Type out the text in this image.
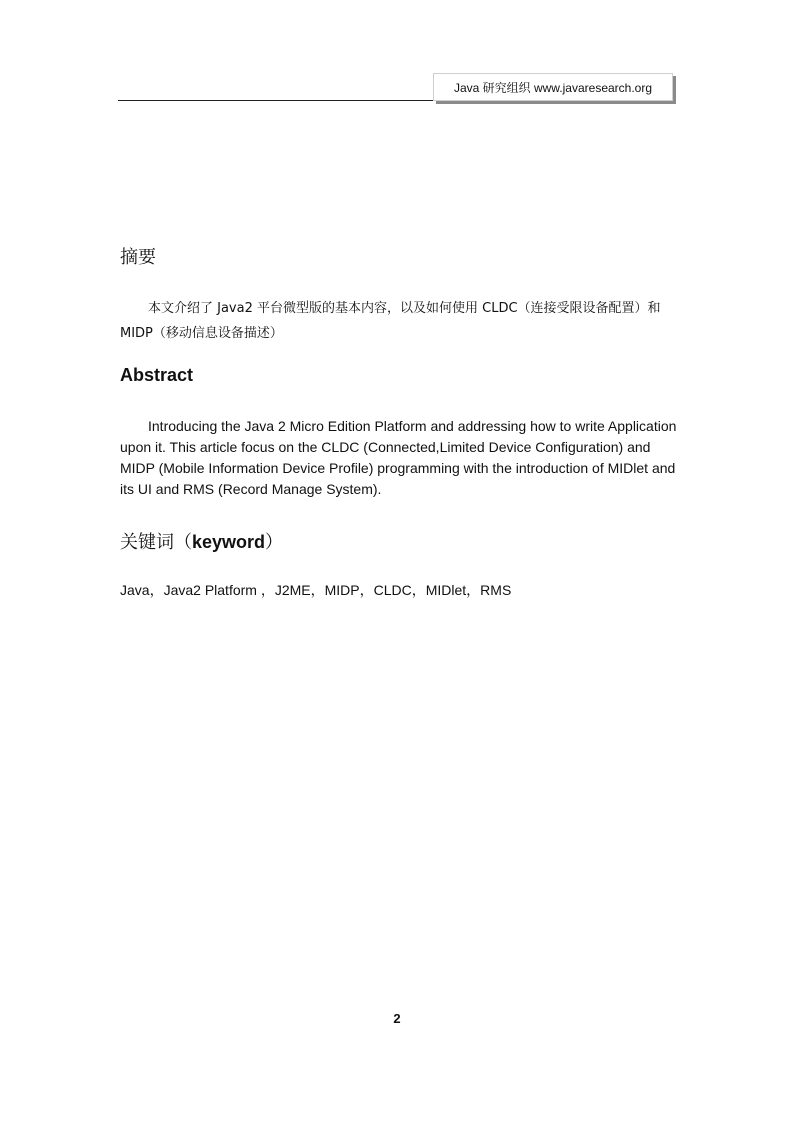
Java 研究组织 www.javaresearch.org
摘要

本文介绍了 Java2 平台微型版的基本内容，以及如何使用 CLDC（连接受限设备配置）和 MIDP（移动信息设备描述）

Abstract

Introducing the Java 2 Micro Edition Platform and addressing how to write Application upon it. This article focus on the CLDC (Connected,Limited Device Configuration) and MIDP (Mobile Information Device Profile) programming with the introduction of MIDlet and its UI and RMS (Record Manage System).

关键词（keyword）

Java，Java2 Platform ，J2ME，MIDP，CLDC，MIDlet，RMS

2
